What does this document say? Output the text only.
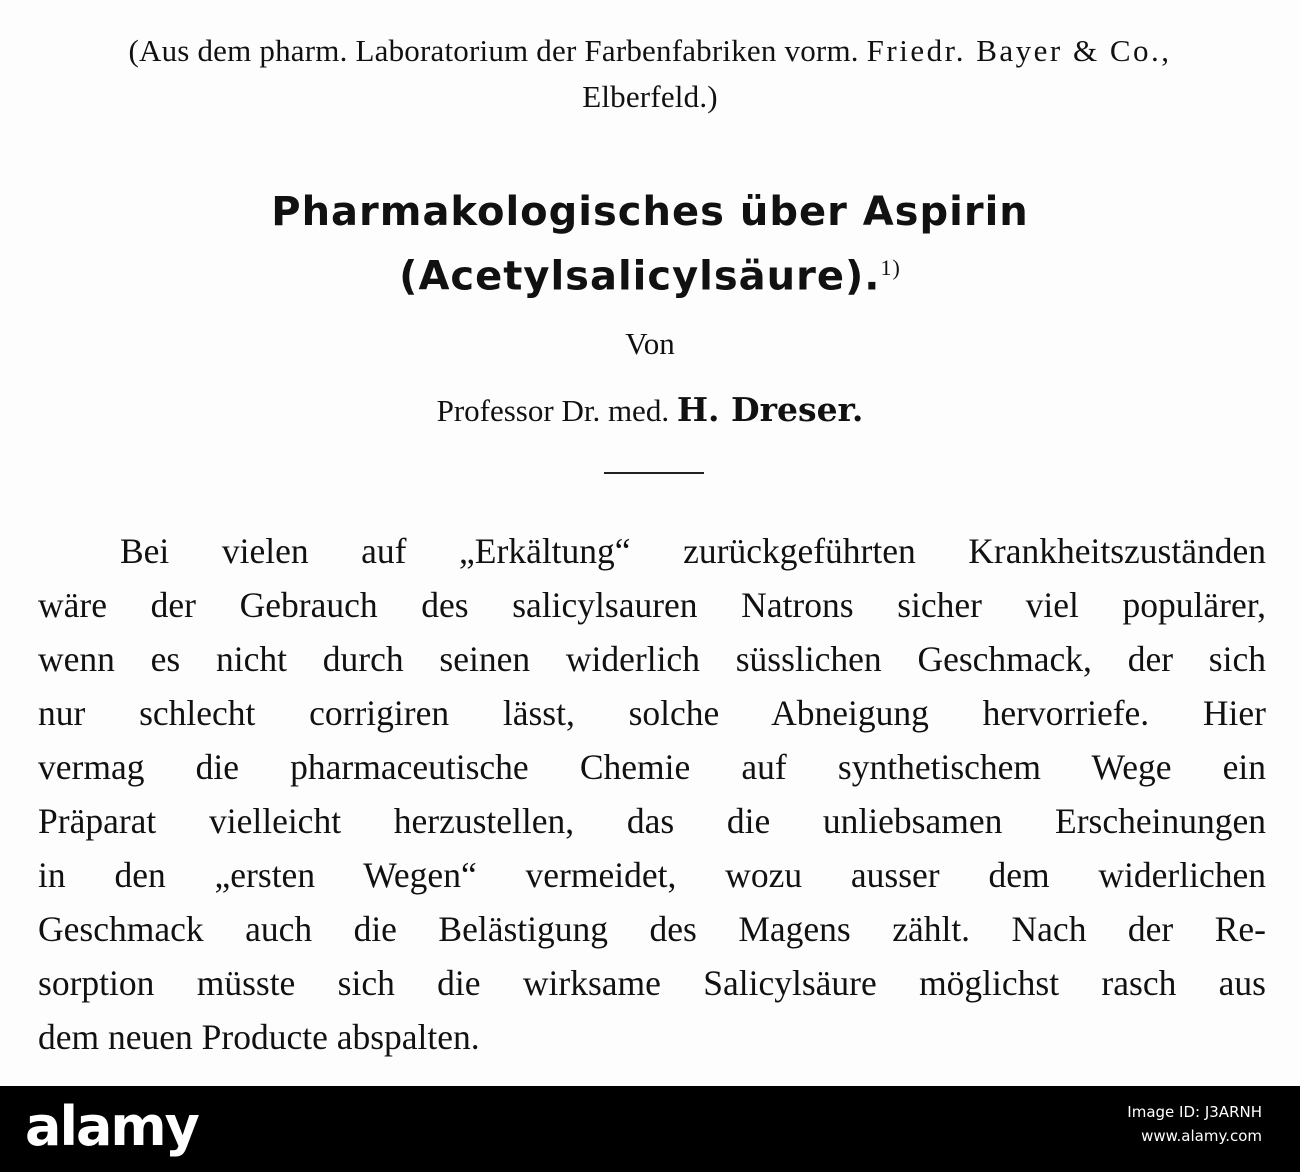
(Aus dem pharm. Laboratorium der Farbenfabriken vorm. Friedr. Bayer & Co.,
Elberfeld.)
Pharmakologisches über Aspirin
(Acetylsalicylsäure).$^{1)}$
Von
Professor Dr. med. H. Dreser.
Bei vielen auf „Erkältung“ zurückgeführten Krankheitszuständen
wäre der Gebrauch des salicylsauren Natrons sicher viel populärer,
wenn es nicht durch seinen widerlich süsslichen Geschmack, der sich
nur schlecht corrigiren lässt, solche Abneigung hervorriefe. Hier
vermag die pharmaceutische Chemie auf synthetischem Wege ein
Präparat vielleicht herzustellen, das die unliebsamen Erscheinungen
in den „ersten Wegen“ vermeidet, wozu ausser dem widerlichen
Geschmack auch die Belästigung des Magens zählt. Nach der Re-
sorption müsste sich die wirksame Salicylsäure möglichst rasch aus
dem neuen Producte abspalten.
alamy	Image ID: J3ARNH
www.alamy.com
